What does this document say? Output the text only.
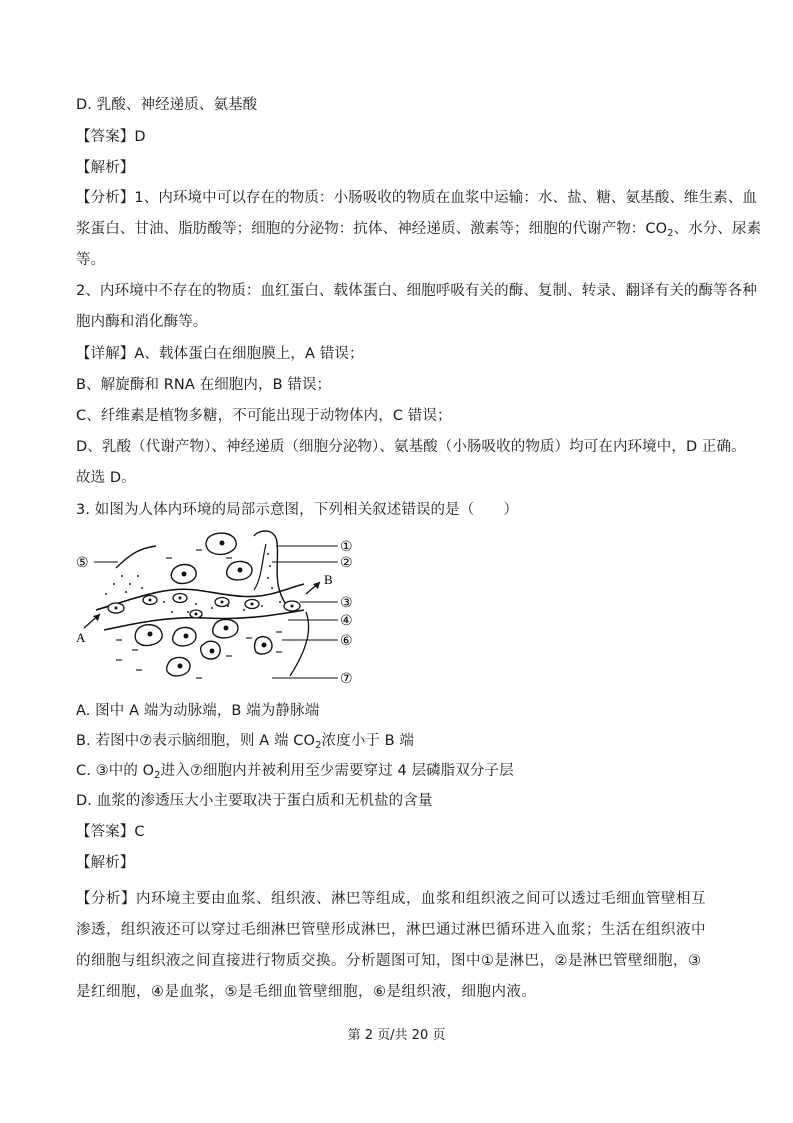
D. 乳酸、神经递质、氨基酸
【答案】D
【解析】
【分析】1、内环境中可以存在的物质：小肠吸收的物质在血浆中运输：水、盐、糖、氨基酸、维生素、血
浆蛋白、甘油、脂肪酸等；细胞的分泌物：抗体、神经递质、激素等；细胞的代谢产物：$CO_2$、水分、尿素
等。
2、内环境中不存在的物质：血红蛋白、载体蛋白、细胞呼吸有关的酶、复制、转录、翻译有关的酶等各种
胞内酶和消化酶等。
【详解】A、载体蛋白在细胞膜上，A 错误；
B、解旋酶和 RNA 在细胞内，B 错误；
C、纤维素是植物多糖，不可能出现于动物体内，C 错误；
D、乳酸（代谢产物）、神经递质（细胞分泌物）、氨基酸（小肠吸收的物质）均可在内环境中，D 正确。
故选 D。
3. 如图为人体内环境的局部示意图，下列相关叙述错误的是（　　）
A
B
⑤
①
②
③
④
⑥
⑦
A. 图中 A 端为动脉端，B 端为静脉端
B. 若图中⑦表示脑细胞，则 A 端 $CO_2$浓度小于 B 端
C. ③中的 $O_2$进入⑦细胞内并被利用至少需要穿过 4 层磷脂双分子层
D. 血浆的渗透压大小主要取决于蛋白质和无机盐的含量
【答案】C
【解析】
【分析】内环境主要由血浆、组织液、淋巴等组成，血浆和组织液之间可以透过毛细血管壁相互渗透，组织液还可以穿过毛细淋巴管壁形成淋巴，淋巴通过淋巴循环进入血浆；生活在组织液中的细胞与组织液之间直接进行物质交换。分析题图可知，图中①是淋巴，②是淋巴管壁细胞，③是红细胞，④是血浆，⑤是毛细血管壁细胞，⑥是组织液，细胞内液。
第 2 页/共 20 页
